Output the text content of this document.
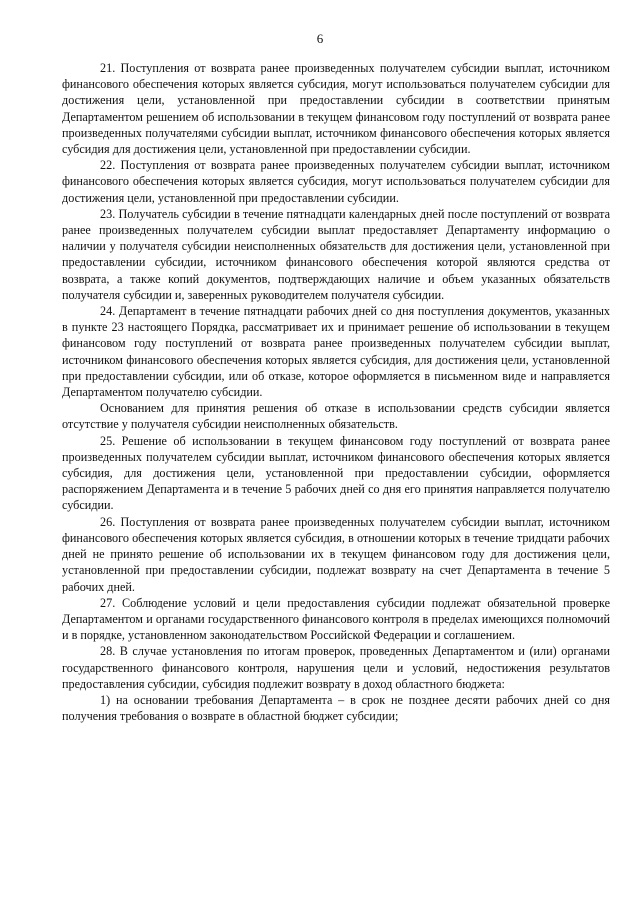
6

21. Поступления от возврата ранее произведенных получателем субсидии выплат, источником финансового обеспечения которых является субсидия, могут использоваться получателем субсидии для достижения цели, установленной при предоставлении субсидии в соответствии принятым Департаментом решением об использовании в текущем финансовом году поступлений от возврата ранее произведенных получателями субсидии выплат, источником финансового обеспечения которых является субсидия для достижения цели, установленной при предоставлении субсидии.

22. Поступления от возврата ранее произведенных получателем субсидии выплат, источником финансового обеспечения которых является субсидия, могут использоваться получателем субсидии для достижения цели, установленной при предоставлении субсидии.

23. Получатель субсидии в течение пятнадцати календарных дней после поступлений от возврата ранее произведенных получателем субсидии выплат предоставляет Департаменту информацию о наличии у получателя субсидии неисполненных обязательств для достижения цели, установленной при предоставлении субсидии, источником финансового обеспечения которой являются средства от возврата, а также копий документов, подтверждающих наличие и объем указанных обязательств получателя субсидии и, заверенных руководителем получателя субсидии.

24. Департамент в течение пятнадцати рабочих дней со дня поступления документов, указанных в пункте 23 настоящего Порядка, рассматривает их и принимает решение об использовании в текущем финансовом году поступлений от возврата ранее произведенных получателем субсидии выплат, источником финансового обеспечения которых является субсидия, для достижения цели, установленной при предоставлении субсидии, или об отказе, которое оформляется в письменном виде и направляется Департаментом получателю субсидии.

Основанием для принятия решения об отказе в использовании средств субсидии является отсутствие у получателя субсидии неисполненных обязательств.

25. Решение об использовании в текущем финансовом году поступлений от возврата ранее произведенных получателем субсидии выплат, источником финансового обеспечения которых является субсидия, для достижения цели, установленной при предоставлении субсидии, оформляется распоряжением Департамента и в течение 5 рабочих дней со дня его принятия направляется получателю субсидии.

26. Поступления от возврата ранее произведенных получателем субсидии выплат, источником финансового обеспечения которых является субсидия, в отношении которых в течение тридцати рабочих дней не принято решение об использовании их в текущем финансовом году для достижения цели, установленной при предоставлении субсидии, подлежат возврату на счет Департамента в течение 5 рабочих дней.

27. Соблюдение условий и цели предоставления субсидии подлежат обязательной проверке Департаментом и органами государственного финансового контроля в пределах имеющихся полномочий и в порядке, установленном законодательством Российской Федерации и соглашением.

28. В случае установления по итогам проверок, проведенных Департаментом и (или) органами государственного финансового контроля, нарушения цели и условий, недостижения результатов предоставления субсидии, субсидия подлежит возврату в доход областного бюджета:

1) на основании требования Департамента – в срок не позднее десяти рабочих дней со дня получения требования о возврате в областной бюджет субсидии;
